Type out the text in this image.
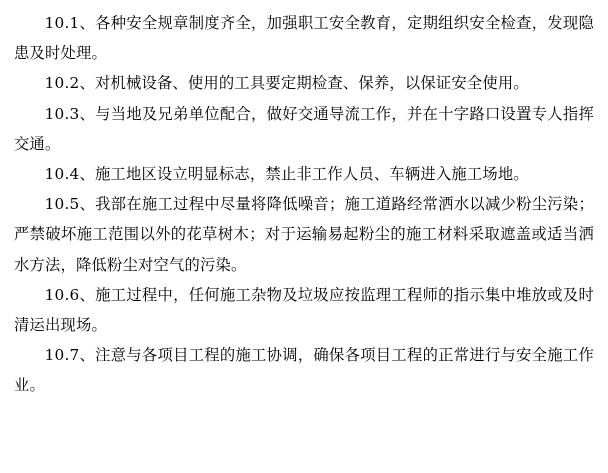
10.1、各种安全规章制度齐全，加强职工安全教育，定期组织安全检查，发现隐患及时处理。

10.2、对机械设备、使用的工具要定期检查、保养，以保证安全使用。

10.3、与当地及兄弟单位配合，做好交通导流工作，并在十字路口设置专人指挥交通。

10.4、施工地区设立明显标志，禁止非工作人员、车辆进入施工场地。

10.5、我部在施工过程中尽量将降低噪音；施工道路经常洒水以减少粉尘污染；严禁破坏施工范围以外的花草树木；对于运输易起粉尘的施工材料采取遮盖或适当洒水方法，降低粉尘对空气的污染。

10.6、施工过程中，任何施工杂物及垃圾应按监理工程师的指示集中堆放或及时清运出现场。

10.7、注意与各项目工程的施工协调，确保各项目工程的正常进行与安全施工作业。
